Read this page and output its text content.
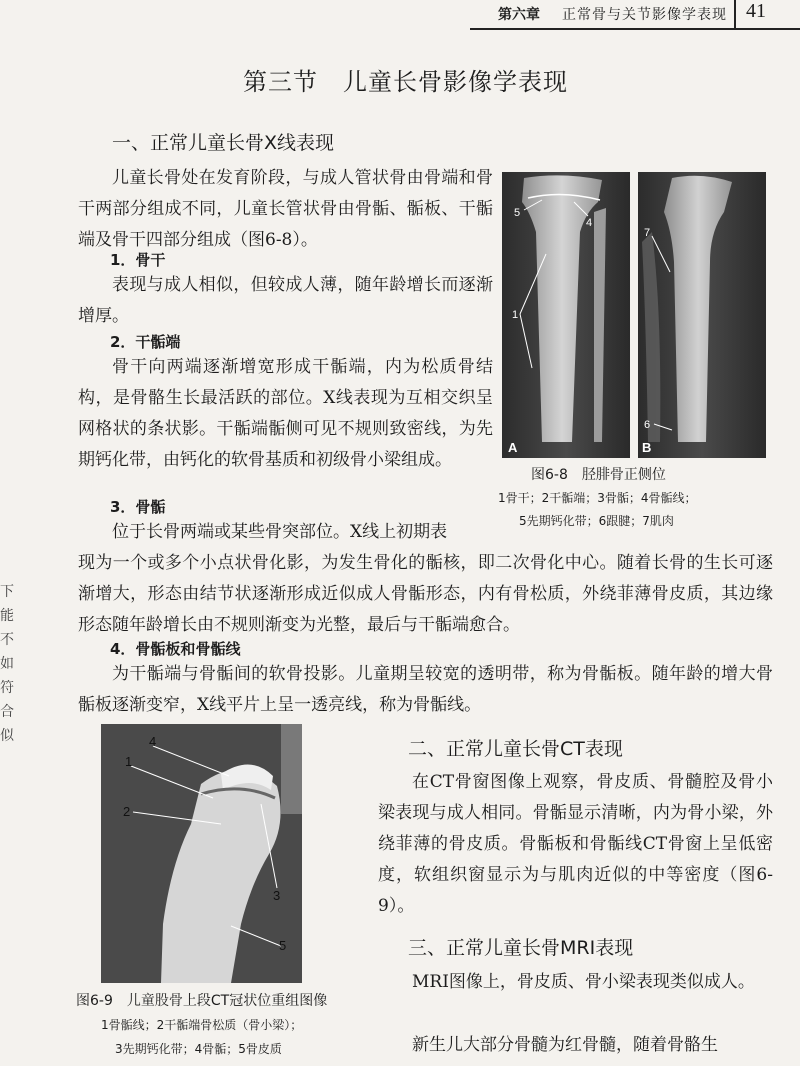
第六章 正常骨与关节影像学表现 41
下能
不如
符合
似
第三节　儿童长骨影像学表现
一、正常儿童长骨X线表现

儿童长骨处在发育阶段，与成人管状骨由骨端和骨干两部分组成不同，儿童长管状骨由骨骺、骺板、干骺端及骨干四部分组成（图6-8）。

1．骨干

表现与成人相似，但较成人薄，随年龄增长而逐渐增厚。

2．干骺端

骨干向两端逐渐增宽形成干骺端，内为松质骨结构，是骨骼生长最活跃的部位。X线表现为互相交织呈网格状的条状影。干骺端骺侧可见不规则致密线，为先期钙化带，由钙化的软骨基质和初级骨小梁组成。

3．骨骺

位于长骨两端或某些骨突部位。X线上初期表

现为一个或多个小点状骨化影，为发生骨化的骺核，即二次骨化中心。随着长骨的生长可逐渐增大，形态由结节状逐渐形成近似成人骨骺形态，内有骨松质，外绕菲薄骨皮质，其边缘形态随年龄增长由不规则渐变为光整，最后与干骺端愈合。

4．骨骺板和骨骺线

为干骺端与骨骺间的软骨投影。儿童期呈较宽的透明带，称为骨骺板。随年龄的增大骨骺板逐渐变窄，X线平片上呈一透亮线，称为骨骺线。

5
4
1
A
7
6
B
图6-8　胫腓骨正侧位
1骨干；2干骺端；3骨骺；4骨骺线；
5先期钙化带；6跟腱；7肌肉
4
1
2
3
5
图6-9　儿童股骨上段CT冠状位重组图像
1骨骺线；2干骺端骨松质（骨小梁）；
3先期钙化带；4骨骺；5骨皮质
二、正常儿童长骨CT表现

在CT骨窗图像上观察，骨皮质、骨髓腔及骨小梁表现与成人相同。骨骺显示清晰，内为骨小梁，外绕菲薄的骨皮质。骨骺板和骨骺线CT骨窗上呈低密度，软组织窗显示为与肌肉近似的中等密度（图6-9）。

三、正常儿童长骨MRI表现

MRI图像上，骨皮质、骨小梁表现类似成人。

新生儿大部分骨髓为红骨髓，随着骨骼生
